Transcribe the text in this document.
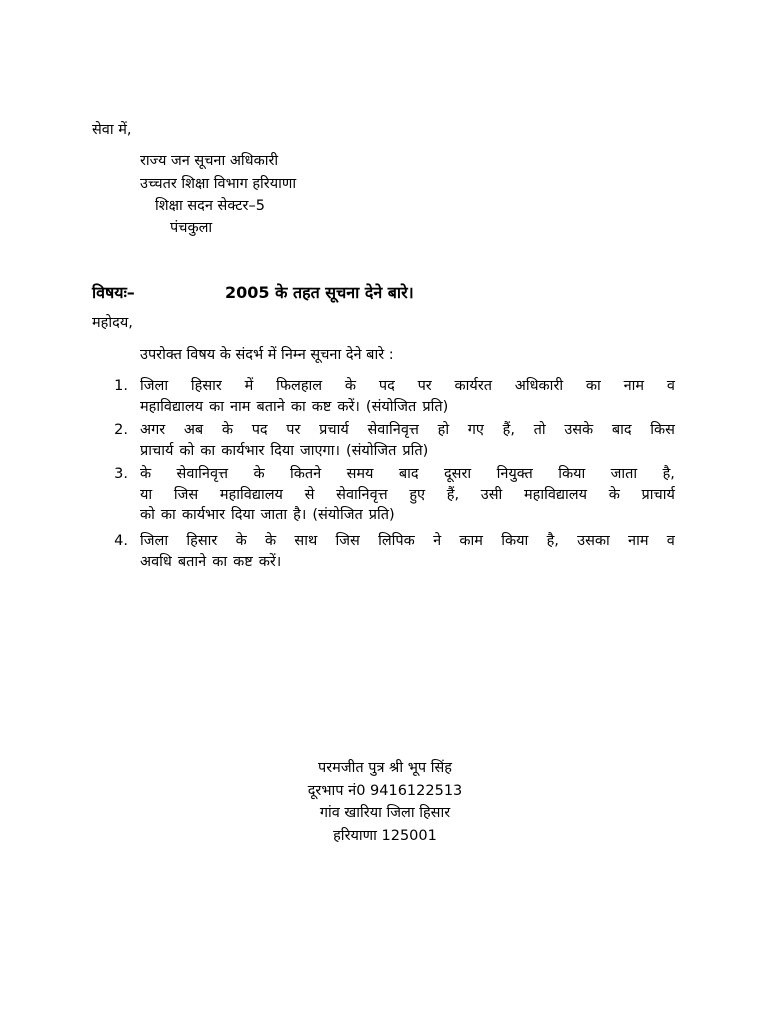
सेवा में,
राज्य जन सूचना अधिकारी
उच्चतर शिक्षा विभाग हरियाणा
शिक्षा सदन सेक्टर–5
पंचकुला
विषयः–	2005 के तहत सूचना देने बारे।
महोदय,
उपरोक्त विषय के संदर्भ में निम्न सूचना देने बारे :
1. जिला हिसार में फिलहाल के पद पर कार्यरत अधिकारी का नाम व
महाविद्यालय का नाम बताने का कष्ट करें। (संयोजित प्रति)
2. अगर अब के पद पर प्रचार्य सेवानिवृत्त हो गए हैं, तो उसके बाद किस
प्राचार्य को का कार्यभार दिया जाएगा। (संयोजित प्रति)
3. के सेवानिवृत्त के कितने समय बाद दूसरा नियुक्त किया जाता है,
या जिस महाविद्यालय से सेवानिवृत्त हुए हैं, उसी महाविद्यालय के प्राचार्य
को का कार्यभार दिया जाता है। (संयोजित प्रति)
4. जिला हिसार के के साथ जिस लिपिक ने काम किया है, उसका नाम व
अवधि बताने का कष्ट करें।
परमजीत पुत्र श्री भूप सिंह
दूरभाप नं0 9416122513
गांव खारिया जिला हिसार
हरियाणा 125001
